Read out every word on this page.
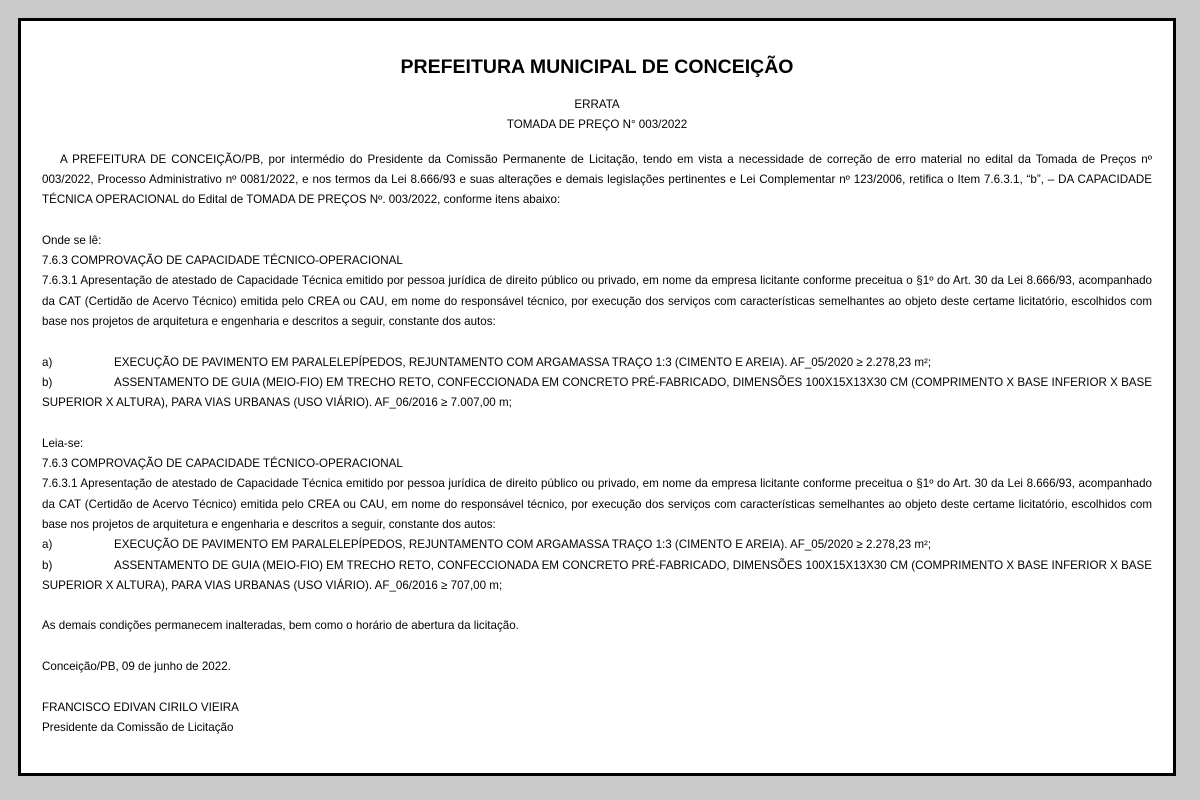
PREFEITURA MUNICIPAL DE CONCEIÇÃO
ERRATA
TOMADA DE PREÇO N° 003/2022
A PREFEITURA DE CONCEIÇÃO/PB, por intermédio do Presidente da Comissão Permanente de Licitação, tendo em vista a necessidade de correção de erro material no edital da Tomada de Preços nº 003/2022, Processo Administrativo nº 0081/2022, e nos termos da Lei 8.666/93 e suas alterações e demais legislações pertinentes e Lei Complementar nº 123/2006, retifica o Item 7.6.3.1, “b”, – DA CAPACIDADE TÉCNICA OPERACIONAL do Edital de TOMADA DE PREÇOS Nº. 003/2022, conforme itens abaixo:
Onde se lê:
7.6.3 COMPROVAÇÃO DE CAPACIDADE TÉCNICO-OPERACIONAL
7.6.3.1 Apresentação de atestado de Capacidade Técnica emitido por pessoa jurídica de direito público ou privado, em nome da empresa licitante conforme preceitua o §1º do Art. 30 da Lei 8.666/93, acompanhado da CAT (Certidão de Acervo Técnico) emitida pelo CREA ou CAU, em nome do responsável técnico, por execução dos serviços com características semelhantes ao objeto deste certame licitatório, escolhidos com base nos projetos de arquitetura e engenharia e descritos a seguir, constante dos autos:
a)	EXECUÇÃO DE PAVIMENTO EM PARALELEPÍPEDOS, REJUNTAMENTO COM ARGAMASSA TRAÇO 1:3 (CIMENTO E AREIA). AF_05/2020 ≥ 2.278,23 m²;
b)	ASSENTAMENTO DE GUIA (MEIO-FIO) EM TRECHO RETO, CONFECCIONADA EM CONCRETO PRÉ-FABRICADO, DIMENSÕES 100X15X13X30 CM (COMPRIMENTO X BASE INFERIOR X BASE SUPERIOR X ALTURA), PARA VIAS URBANAS (USO VIÁRIO). AF_06/2016 ≥ 7.007,00 m;
Leia-se:
7.6.3 COMPROVAÇÃO DE CAPACIDADE TÉCNICO-OPERACIONAL
7.6.3.1 Apresentação de atestado de Capacidade Técnica emitido por pessoa jurídica de direito público ou privado, em nome da empresa licitante conforme preceitua o §1º do Art. 30 da Lei 8.666/93, acompanhado da CAT (Certidão de Acervo Técnico) emitida pelo CREA ou CAU, em nome do responsável técnico, por execução dos serviços com características semelhantes ao objeto deste certame licitatório, escolhidos com base nos projetos de arquitetura e engenharia e descritos a seguir, constante dos autos:
a)	EXECUÇÃO DE PAVIMENTO EM PARALELEPÍPEDOS, REJUNTAMENTO COM ARGAMASSA TRAÇO 1:3 (CIMENTO E AREIA). AF_05/2020 ≥ 2.278,23 m²;
b)	ASSENTAMENTO DE GUIA (MEIO-FIO) EM TRECHO RETO, CONFECCIONADA EM CONCRETO PRÉ-FABRICADO, DIMENSÕES 100X15X13X30 CM (COMPRIMENTO X BASE INFERIOR X BASE SUPERIOR X ALTURA), PARA VIAS URBANAS (USO VIÁRIO). AF_06/2016 ≥ 707,00 m;
As demais condições permanecem inalteradas, bem como o horário de abertura da licitação.
Conceição/PB, 09 de junho de 2022.
FRANCISCO EDIVAN CIRILO VIEIRA
Presidente da Comissão de Licitação
